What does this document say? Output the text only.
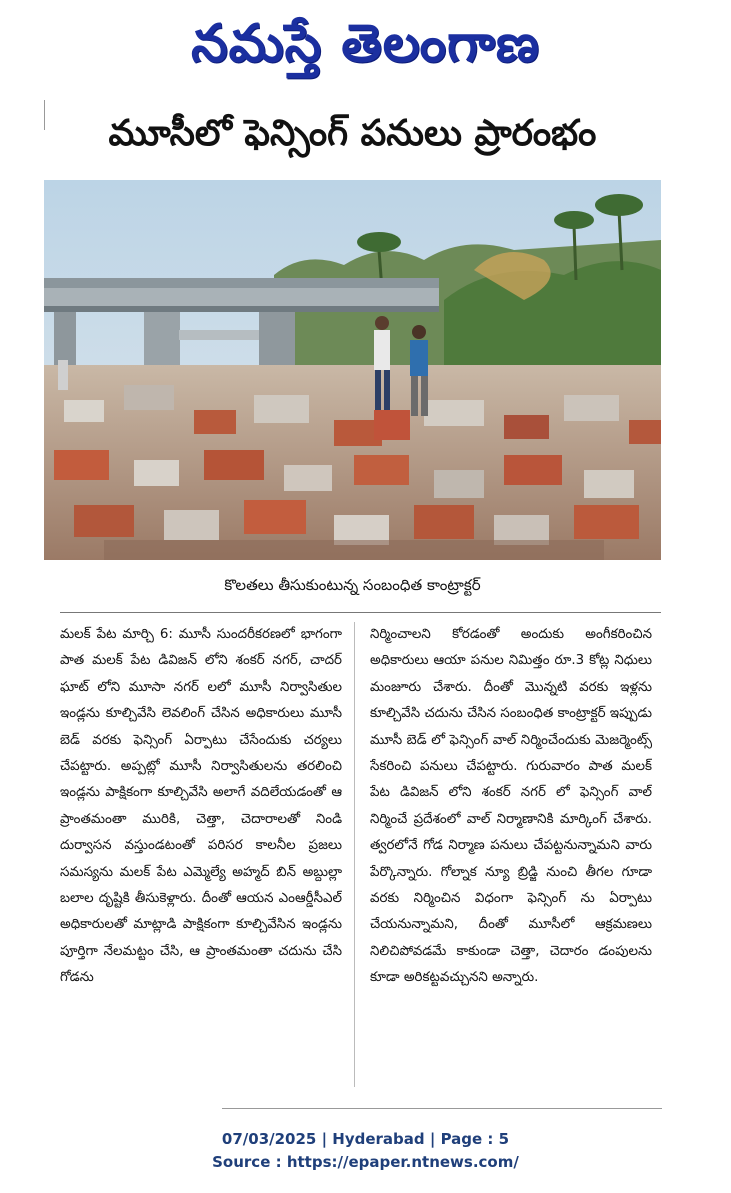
నమస్తే తెలంగాణ
మూసీలో ఫెన్సింగ్ పనులు ప్రారంభం
కొలతలు తీసుకుంటున్న సంబంధిత కాంట్రాక్టర్
మలక్ పేట మార్చి 6: మూసీ సుందరీకరణలో భాగంగా పాత మలక్ పేట డివిజన్ లోని శంకర్ నగర్, చాదర్ ఘాట్ లోని మూసా నగర్ లలో మూసీ నిర్వాసితుల ఇండ్లను కూల్చివేసి లెవలింగ్ చేసిన అధికారులు మూసీ బెడ్ వరకు ఫెన్సింగ్ ఏర్పాటు చేసేందుకు చర్యలు చేపట్టారు. అప్పట్లో మూసీ నిర్వాసితులను తరలించి ఇండ్లను పాక్షికంగా కూల్చివేసి అలాగే వదిలేయడంతో ఆ ప్రాంతమంతా మురికి, చెత్తా, చెదారాలతో నిండి దుర్వాసన వస్తుండటంతో పరిసర కాలనీల ప్రజలు సమస్యను మలక్ పేట ఎమ్మెల్యే అహ్మద్ బిన్ అబ్దుల్లా బలాల దృష్టికి తీసుకెళ్లారు. దీంతో ఆయన ఎంఆర్డీసీఎల్ అధికారులతో మాట్లాడి పాక్షికంగా కూల్చివేసిన ఇండ్లను పూర్తిగా నేలమట్టం చేసి, ఆ ప్రాంతమంతా చదును చేసి గోడను
నిర్మించాలని కోరడంతో అందుకు అంగీకరించిన అధికారులు ఆయా పనుల నిమిత్తం రూ.3 కోట్ల నిధులు మంజూరు చేశారు. దీంతో మొన్నటి వరకు ఇళ్లను కూల్చివేసి చదును చేసిన సంబంధిత కాంట్రాక్టర్ ఇప్పుడు మూసీ బెడ్ లో ఫెన్సింగ్ వాల్ నిర్మించేందుకు మెజర్మెంట్స్ సేకరించి పనులు చేపట్టారు. గురువారం పాత మలక్ పేట డివిజన్ లోని శంకర్ నగర్ లో ఫెన్సింగ్ వాల్ నిర్మించే ప్రదేశంలో వాల్ నిర్మాణానికి మార్కింగ్ చేశారు. త్వరలోనే గోడ నిర్మాణ పనులు చేపట్టనున్నామని వారు పేర్కొన్నారు. గోల్నాక న్యూ బ్రిడ్జి నుంచి తీగల గూడా వరకు నిర్మించిన విధంగా ఫెన్సింగ్ ను ఏర్పాటు చేయనున్నామని, దీంతో మూసీలో ఆక్రమణలు నిలిచిపోవడమే కాకుండా చెత్తా, చెదారం డంపులను కూడా అరికట్టవచ్చునని అన్నారు.
07/03/2025 | Hyderabad | Page : 5
Source : https://epaper.ntnews.com/
